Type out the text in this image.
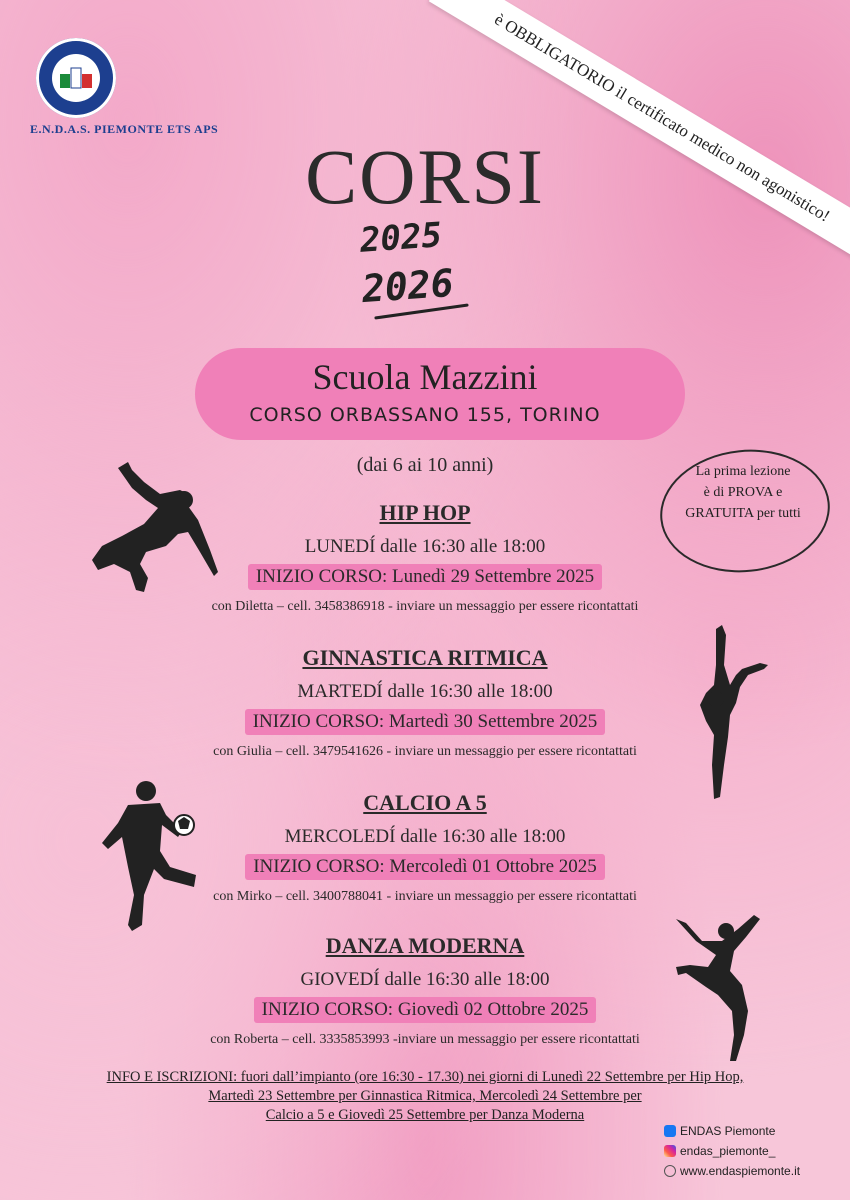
è OBBLIGATORIO il certificato medico non agonistico!
E.N.D.A.S. PIEMONTE ETS APS
CORSI
2025
2026
Scuola Mazzini
CORSO ORBASSANO 155, TORINO
(dai 6 ai 10 anni)	La prima lezione
è di PROVA e
GRATUITA per tutti
HIP HOP
LUNEDÍ dalle 16:30 alle 18:00
INIZIO CORSO: Lunedì 29 Settembre 2025
con Diletta – cell. 3458386918 - inviare un messaggio per essere ricontattati
GINNASTICA RITMICA
MARTEDÍ dalle 16:30 alle 18:00
INIZIO CORSO: Martedì 30 Settembre 2025
con Giulia – cell. 3479541626 - inviare un messaggio per essere ricontattati
CALCIO A 5
MERCOLEDÍ dalle 16:30 alle 18:00
INIZIO CORSO: Mercoledì 01 Ottobre 2025
con Mirko – cell. 3400788041 - inviare un messaggio per essere ricontattati
DANZA MODERNA
GIOVEDÍ dalle 16:30 alle 18:00
INIZIO CORSO: Giovedì 02 Ottobre 2025
con Roberta – cell. 3335853993 -inviare un messaggio per essere ricontattati
INFO E ISCRIZIONI: fuori dall’impianto (ore 16:30 - 17.30) nei giorni di Lunedì 22 Settembre per Hip Hop,
Martedì 23 Settembre per Ginnastica Ritmica, Mercoledì 24 Settembre per
Calcio a 5 e Giovedì 25 Settembre per Danza Moderna
ENDAS Piemonte
endas_piemonte_
www.endaspiemonte.it
